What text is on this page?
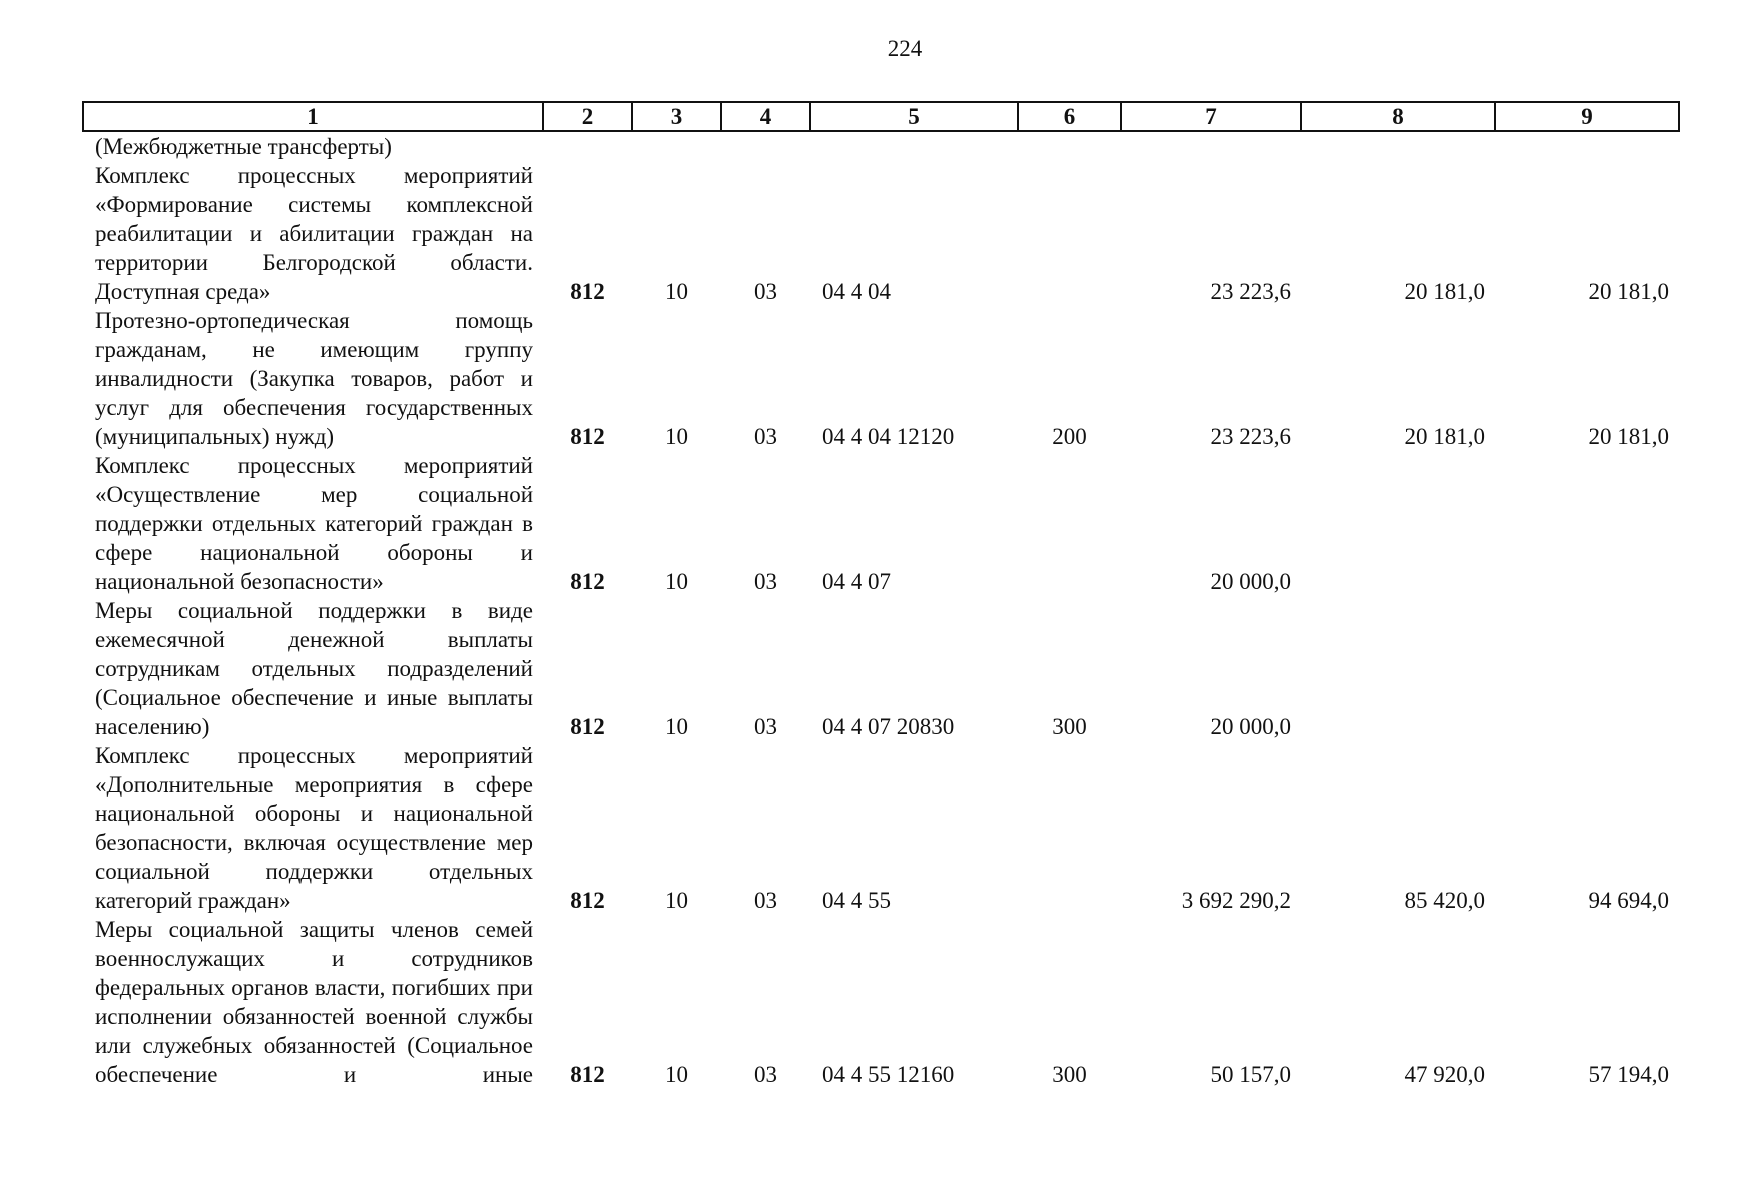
224
1	2	3	4	5	6	7	8	9
(Межбюджетные трансферты)								
Комплекс процессных мероприятий «Формирование системы комплексной реабилитации и абилитации граждан на территории Белгородской области. Доступная среда»	812	10	03	04 4 04		23 223,6	20 181,0	20 181,0
Протезно-ортопедическая помощь гражданам, не имеющим группу инвалидности (Закупка товаров, работ и услуг для обеспечения государственных (муниципальных) нужд)	812	10	03	04 4 04 12120	200	23 223,6	20 181,0	20 181,0
Комплекс процессных мероприятий «Осуществление мер социальной поддержки отдельных категорий граждан в сфере национальной обороны и национальной безопасности»	812	10	03	04 4 07		20 000,0		
Меры социальной поддержки в виде ежемесячной денежной выплаты сотрудникам отдельных подразделений (Социальное обеспечение и иные выплаты населению)	812	10	03	04 4 07 20830	300	20 000,0		
Комплекс процессных мероприятий «Дополнительные мероприятия в сфере национальной обороны и национальной безопасности, включая осуществление мер социальной поддержки отдельных категорий граждан»	812	10	03	04 4 55		3 692 290,2	85 420,0	94 694,0
Меры социальной защиты членов семей военнослужащих и сотрудников федеральных органов власти, погибших при исполнении обязанностей военной службы или служебных обязанностей (Социальное обеспечение и иные	812	10	03	04 4 55 12160	300	50 157,0	47 920,0	57 194,0
